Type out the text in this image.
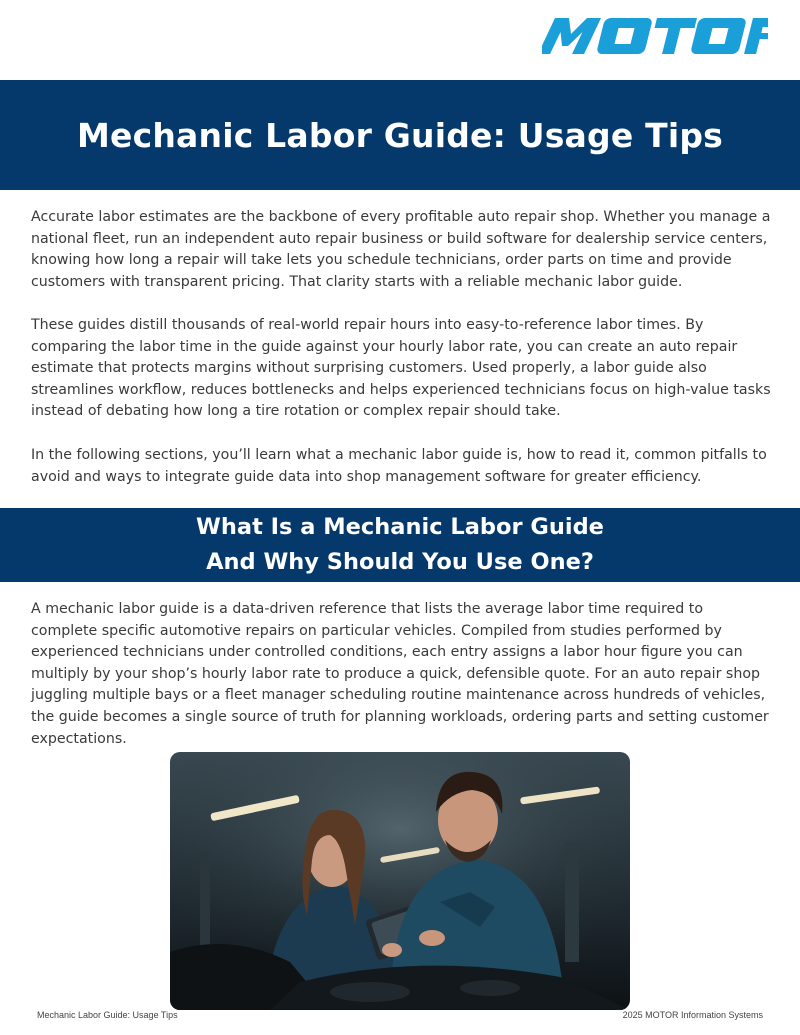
Mechanic Labor Guide: Usage Tips

Accurate labor estimates are the backbone of every profitable auto repair shop. Whether you manage a national fleet, run an independent auto repair business or build software for dealership service centers, knowing how long a repair will take lets you schedule technicians, order parts on time and provide customers with transparent pricing. That clarity starts with a reliable mechanic labor guide.

These guides distill thousands of real-world repair hours into easy-to-reference labor times. By comparing the labor time in the guide against your hourly labor rate, you can create an auto repair estimate that protects margins without surprising customers. Used properly, a labor guide also streamlines workflow, reduces bottlenecks and helps experienced technicians focus on high-value tasks instead of debating how long a tire rotation or complex repair should take.

In the following sections, you’ll learn what a mechanic labor guide is, how to read it, common pitfalls to avoid and ways to integrate guide data into shop management software for greater efficiency.

What Is a Mechanic Labor Guide
And Why Should You Use One?

A mechanic labor guide is a data-driven reference that lists the average labor time required to complete specific automotive repairs on particular vehicles. Compiled from studies performed by experienced technicians under controlled conditions, each entry assigns a labor hour figure you can multiply by your shop’s hourly labor rate to produce a quick, defensible quote. For an auto repair shop juggling multiple bays or a fleet manager scheduling routine maintenance across hundreds of vehicles, the guide becomes a single source of truth for planning workloads, ordering parts and setting customer expectations.

Mechanic Labor Guide: Usage Tips	2025 MOTOR Information Systems
